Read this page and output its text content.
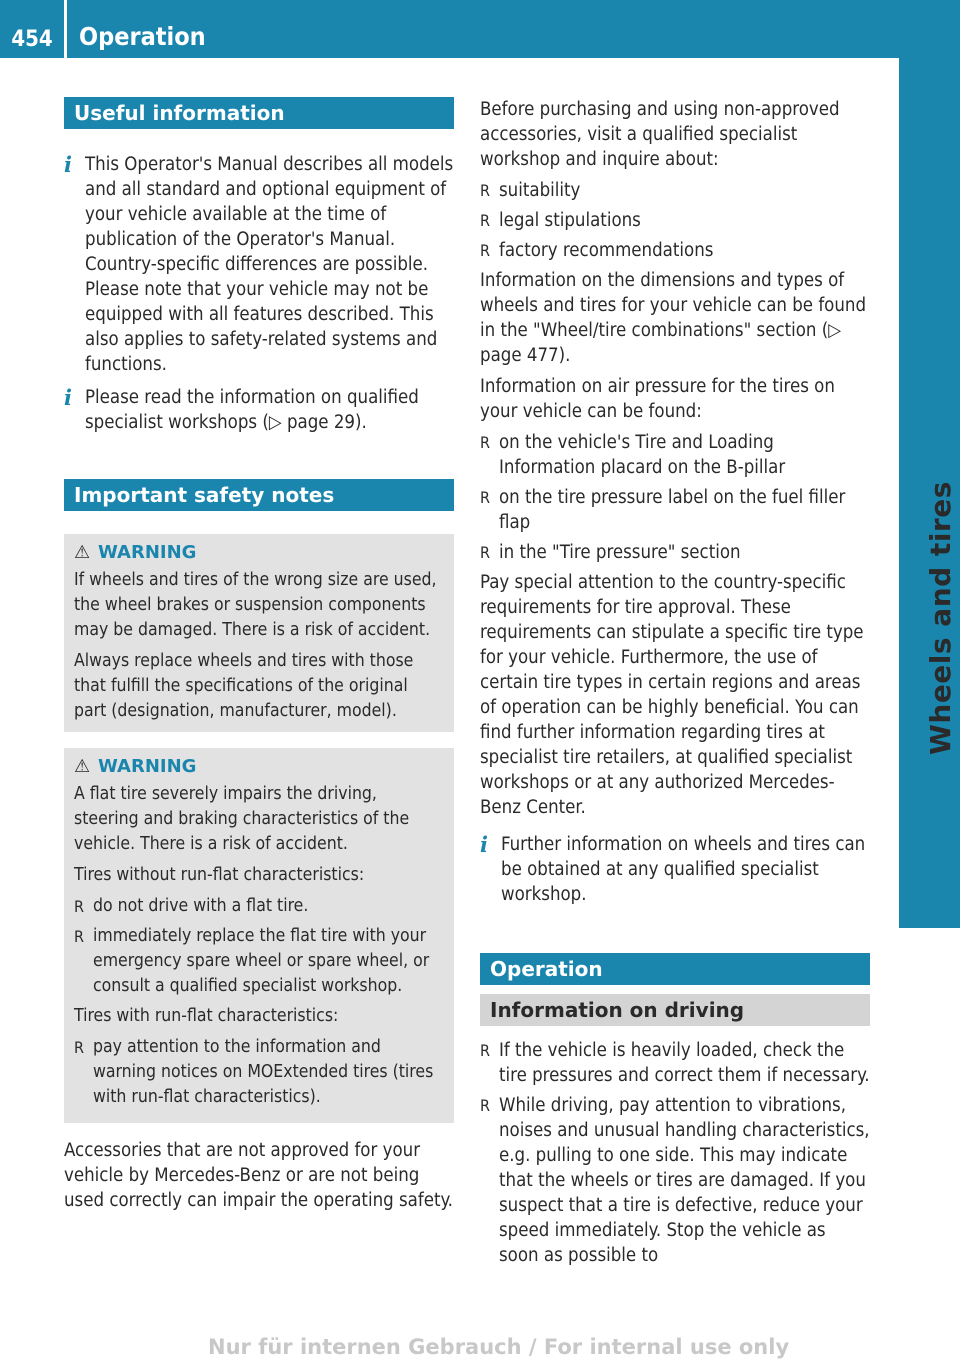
454	Operation
Wheels and tires
Useful information
i This Operator's Manual describes all models and all standard and optional equipment of your vehicle available at the time of publication of the Operator's Manual. Country-specific differences are possible. Please note that your vehicle may not be equipped with all features described. This also applies to safety-related systems and functions.

i Please read the information on qualified specialist workshops (▷ page 29).

Important safety notes
⚠ WARNING

If wheels and tires of the wrong size are used, the wheel brakes or suspension components may be damaged. There is a risk of accident.

Always replace wheels and tires with those that fulfill the specifications of the original part (designation, manufacturer, model).

⚠ WARNING

A flat tire severely impairs the driving, steering and braking characteristics of the vehicle. There is a risk of accident.

Tires without run-flat characteristics:

R do not drive with a flat tire.
R immediately replace the flat tire with your emergency spare wheel or spare wheel, or consult a qualified specialist workshop.

Tires with run-flat characteristics:

R pay attention to the information and warning notices on MOExtended tires (tires with run-flat characteristics).

Accessories that are not approved for your vehicle by Mercedes-Benz or are not being used correctly can impair the operating safety.

Before purchasing and using non-approved accessories, visit a qualified specialist workshop and inquire about:

R suitability
R legal stipulations
R factory recommendations

Information on the dimensions and types of wheels and tires for your vehicle can be found in the "Wheel/tire combinations" section (▷ page 477).

Information on air pressure for the tires on your vehicle can be found:

R on the vehicle's Tire and Loading Information placard on the B-pillar
R on the tire pressure label on the fuel filler flap
R in the "Tire pressure" section

Pay special attention to the country-specific requirements for tire approval. These requirements can stipulate a specific tire type for your vehicle. Furthermore, the use of certain tire types in certain regions and areas of operation can be highly beneficial. You can find further information regarding tires at specialist tire retailers, at qualified specialist workshops or at any authorized Mercedes-Benz Center.

i Further information on wheels and tires can be obtained at any qualified specialist workshop.

Operation
Information on driving
R If the vehicle is heavily loaded, check the tire pressures and correct them if necessary.
R While driving, pay attention to vibrations, noises and unusual handling characteristics, e.g. pulling to one side. This may indicate that the wheels or tires are damaged. If you suspect that a tire is defective, reduce your speed immediately. Stop the vehicle as soon as possible to
Nur für internen Gebrauch / For internal use only
